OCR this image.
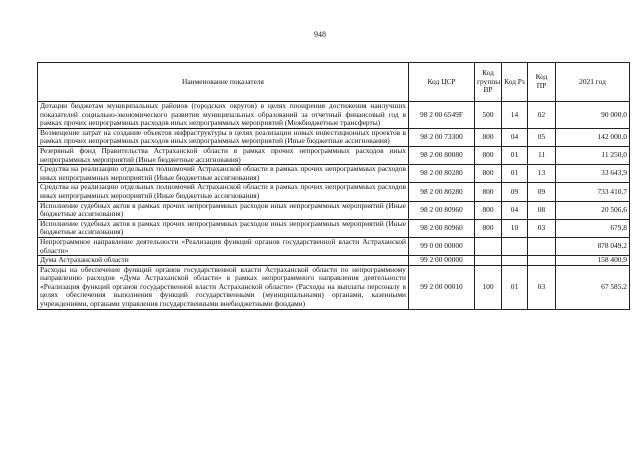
948
Наименование показателя	Код ЦСР	Код группы ВР	Код Рз	Код ПР	2021 год
Дотации бюджетам муниципальных районов (городских округов) в целях поощрения достижения наилучших показателей социально-экономического развития муниципальных образований за отчетный финансовый год в рамках прочих непрограммных расходов иных непрограммных мероприятий (Межбюджетные трансферты)	98 2 00 6549F	500	14	02	90 000,0
Возмещение затрат на создание объектов инфраструктуры в целях реализации новых инвестиционных проектов в рамках прочих непрограммных расходов иных непрограммных мероприятий (Иные бюджетные ассигнования)	98 2 00 73300	800	04	05	142 000,0
Резервный фонд Правительства Астраханской области в рамках прочих непрограммных расходов иных непрограммных мероприятий (Иные бюджетные ассигнования)	98 2 00 80080	800	01	11	11 250,0
Средства на реализацию отдельных полномочий Астраханской области в рамках прочих непрограммных расходов иных непрограммных мероприятий (Иные бюджетные ассигнования)	98 2 00 80280	800	01	13	33 643,9
Средства на реализацию отдельных полномочий Астраханской области в рамках прочих непрограммных расходов иных непрограммных мероприятий (Иные бюджетные ассигнования)	98 2 00 80280	800	09	09	733 410,7
Исполнение судебных актов в рамках прочих непрограммных расходов иных непрограммных мероприятий (Иные бюджетные ассигнования)	98 2 00 80960	800	04	08	20 506,6
Исполнение судебных актов в рамках прочих непрограммных расходов иных непрограммных мероприятий (Иные бюджетные ассигнования)	98 2 00 80960	800	10	03	679,8
Непрограммное направление деятельности «Реализация функций органов государственной власти Астраханской области»	99 0 00 00000				878 049,2
Дума Астраханской области	99 2 00 00000				158 400,9
Расходы на обеспечение функций органов государственной власти Астраханской области по непрограммному направлению расходов «Дума Астраханской области» в рамках непрограммного направления деятельности «Реализация функций органов государственной власти Астраханской области» (Расходы на выплаты персоналу в целях обеспечения выполнения функций государственными (муниципальными) органами, казенными учреждениями, органами управления государственными внебюджетными фондами)	99 2 00 00010	100	01	03	67 585,2
